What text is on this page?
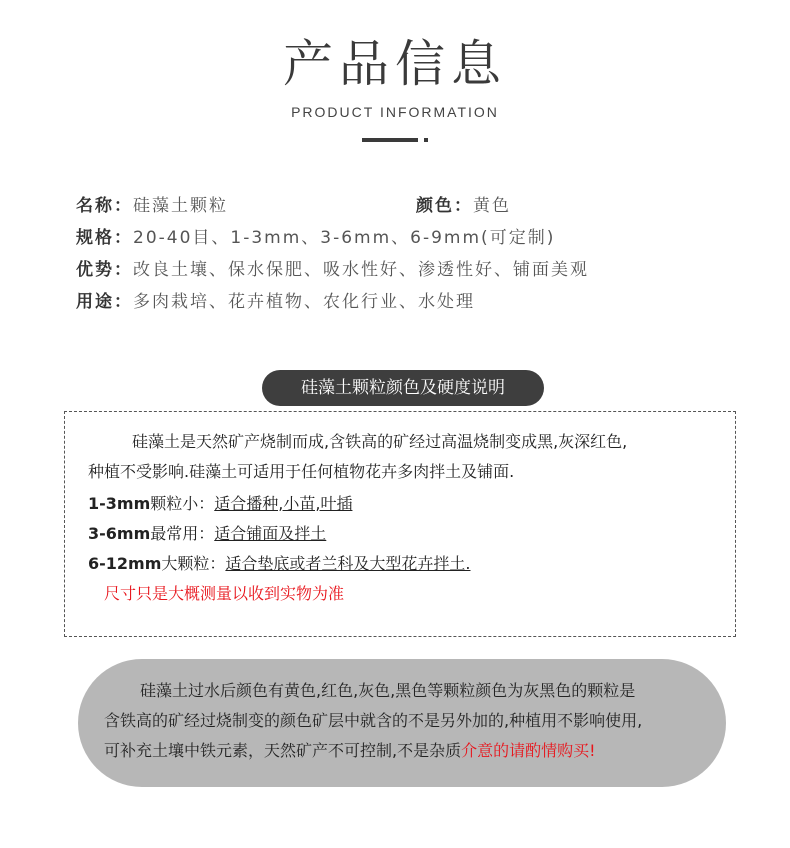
产品信息
PRODUCT INFORMATION
名称：硅藻土颗粒	颜色：黄色
规格：20-40目、1-3mm、3-6mm、6-9mm(可定制)
优势：改良土壤、保水保肥、吸水性好、渗透性好、铺面美观
用途：多肉栽培、花卉植物、农化行业、水处理
硅藻土颗粒颜色及硬度说明
硅藻土是天然矿产烧制而成,含铁高的矿经过高温烧制变成黑,灰深红色,
种植不受影响.硅藻土可适用于任何植物花卉多肉拌土及铺面.
1-3mm颗粒小：适合播种,小苗,叶插
3-6mm最常用：适合铺面及拌土
6-12mm大颗粒：适合垫底或者兰科及大型花卉拌土.
尺寸只是大概测量以收到实物为准
硅藻土过水后颜色有黄色,红色,灰色,黑色等颗粒颜色为灰黑色的颗粒是
含铁高的矿经过烧制变的颜色矿层中就含的不是另外加的,种植用不影响使用,
可补充土壤中铁元素，天然矿产不可控制,不是杂质介意的请酌情购买!
